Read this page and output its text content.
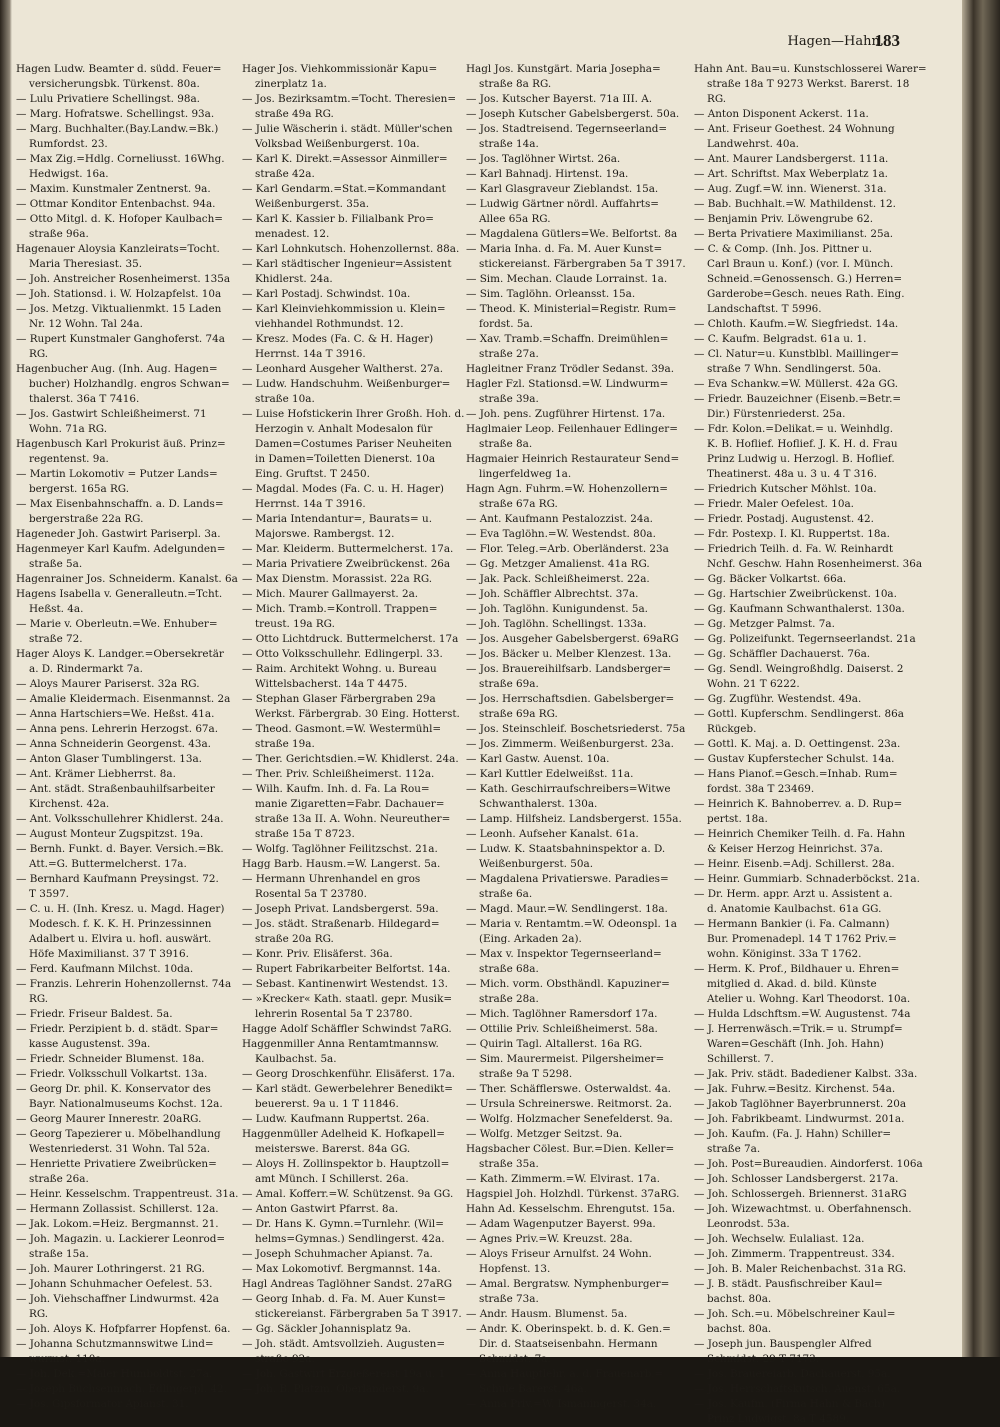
Hagen—Hahn.
183
Hagen Ludw. Beamter d. südd. Feuer=
versicherungsbk. Türkenst. 80a.
— Lulu Privatiere Schellingst. 98a.
— Marg. Hofratswe. Schellingst. 93a.
— Marg. Buchhalter.(Bay.Landw.=Bk.)
Rumfordst. 23.
— Max Zig.=Hdlg. Corneliusst. 16Whg.
Hedwigst. 16a.
— Maxim. Kunstmaler Zentnerst. 9a.
— Ottmar Konditor Entenbachst. 94a.
— Otto Mitgl. d. K. Hofoper Kaulbach=
straße 96a.
Hagenauer Aloysia Kanzleirats=Tocht.
Maria Theresiast. 35.
— Joh. Anstreicher Rosenheimerst. 135a
— Joh. Stationsd. i. W. Holzapfelst. 10a
— Jos. Metzg. Viktualienmkt. 15 Laden
Nr. 12 Wohn. Tal 24a.
— Rupert Kunstmaler Ganghoferst. 74a
RG.
Hagenbucher Aug. (Inh. Aug. Hagen=
bucher) Holzhandlg. engros Schwan=
thalerst. 36a T 7416.
— Jos. Gastwirt Schleißheimerst. 71
Wohn. 71a RG.
Hagenbusch Karl Prokurist äuß. Prinz=
regentenst. 9a.
— Martin Lokomotiv = Putzer Lands=
bergerst. 165a RG.
— Max Eisenbahnschaffn. a. D. Lands=
bergerstraße 22a RG.
Hageneder Joh. Gastwirt Pariserpl. 3a.
Hagenmeyer Karl Kaufm. Adelgunden=
straße 5a.
Hagenrainer Jos. Schneiderm. Kanalst. 6a
Hagens Isabella v. Generalleutn.=Tcht.
Heßst. 4a.
— Marie v. Oberleutn.=We. Enhuber=
straße 72.
Hager Aloys K. Landger.=Obersekretär
a. D. Rindermarkt 7a.
— Aloys Maurer Pariserst. 32a RG.
— Amalie Kleidermach. Eisenmannst. 2a
— Anna Hartschiers=We. Heßst. 41a.
— Anna pens. Lehrerin Herzogst. 67a.
— Anna Schneiderin Georgenst. 43a.
— Anton Glaser Tumblingerst. 13a.
— Ant. Krämer Liebherrst. 8a.
— Ant. städt. Straßenbauhilfsarbeiter
Kirchenst. 42a.
— Ant. Volksschullehrer Khidlerst. 24a.
— August Monteur Zugspitzst. 19a.
— Bernh. Funkt. d. Bayer. Versich.=Bk.
Att.=G. Buttermelcherst. 17a.
— Bernhard Kaufmann Preysingst. 72.
T 3597.
— C. u. H. (Inh. Kresz. u. Magd. Hager)
Modesch. f. K. K. H. Prinzessinnen
Adalbert u. Elvira u. hofl. auswärt.
Höfe Maximilianst. 37 T 3916.
— Ferd. Kaufmann Milchst. 10da.
— Franzis. Lehrerin Hohenzollernst. 74a
RG.
— Friedr. Friseur Baldest. 5a.
— Friedr. Perzipient b. d. städt. Spar=
kasse Augustenst. 39a.
— Friedr. Schneider Blumenst. 18a.
— Friedr. Volksschull Volkartst. 13a.
— Georg Dr. phil. K. Konservator des
Bayr. Nationalmuseums Kochst. 12a.
— Georg Maurer Innerestr. 20aRG.
— Georg Tapezierer u. Möbelhandlung
Westenriederst. 31 Wohn. Tal 52a.
— Henriette Privatiere Zweibrücken=
straße 26a.
— Heinr. Kesselschm. Trappentreust. 31a.
— Hermann Zollassist. Schillerst. 12a.
— Jak. Lokom.=Heiz. Bergmannst. 21.
— Joh. Magazin. u. Lackierer Leonrod=
straße 15a.
— Joh. Maurer Lothringerst. 21 RG.
— Johann Schuhmacher Oefelest. 53.
— Joh. Viehschaffner Lindwurmst. 42a
RG.
— Joh. Aloys K. Hofpfarrer Hopfenst. 6a.
— Johanna Schutzmannswitwe Lind=
wurmst. 110a.
— Joh. Dek.=Maler Humboldtst. 27a.
— Joseph Büchsenmach. Edlingerpl. 42.
— Jos. Gipsformator Apianst. 31.
Hager Jos. Viehkommissionär Kapu=
zinerplatz 1a.
— Jos. Bezirksamtm.=Tocht. Theresien=
straße 49a RG.
— Julie Wäscherin i. städt. Müller'schen
Volksbad Weißenburgerst. 10a.
— Karl K. Direkt.=Assessor Ainmiller=
straße 42a.
— Karl Gendarm.=Stat.=Kommandant
Weißenburgerst. 35a.
— Karl K. Kassier b. Filialbank Pro=
menadest. 12.
— Karl Lohnkutsch. Hohenzollernst. 88a.
— Karl städtischer Ingenieur=Assistent
Khidlerst. 24a.
— Karl Postadj. Schwindst. 10a.
— Karl Kleinviehkommission u. Klein=
viehhandel Rothmundst. 12.
— Kresz. Modes (Fa. C. & H. Hager)
Herrnst. 14a T 3916.
— Leonhard Ausgeher Waltherst. 27a.
— Ludw. Handschuhm. Weißenburger=
straße 10a.
— Luise Hofstickerin Ihrer Großh. Hoh. d.
Herzogin v. Anhalt Modesalon für
Damen=Costumes Pariser Neuheiten
in Damen=Toiletten Dienerst. 10a
Eing. Gruftst. T 2450.
— Magdal. Modes (Fa. C. u. H. Hager)
Herrnst. 14a T 3916.
— Maria Intendantur=, Baurats= u.
Majorswe. Rambergst. 12.
— Mar. Kleiderm. Buttermelcherst. 17a.
— Maria Privatiere Zweibrückenst. 26a
— Max Dienstm. Morassist. 22a RG.
— Mich. Maurer Gallmayerst. 2a.
— Mich. Tramb.=Kontroll. Trappen=
treust. 19a RG.
— Otto Lichtdruck. Buttermelcherst. 17a
— Otto Volksschullehr. Edlingerpl. 33.
— Raim. Architekt Wohng. u. Bureau
Wittelsbacherst. 14a T 4475.
— Stephan Glaser Färbergraben 29a
Werkst. Färbergrab. 30 Eing. Hotterst.
— Theod. Gasmont.=W. Westermühl=
straße 19a.
— Ther. Gerichtsdien.=W. Khidlerst. 24a.
— Ther. Priv. Schleißheimerst. 112a.
— Wilh. Kaufm. Inh. d. Fa. La Rou=
manie Zigaretten=Fabr. Dachauer=
straße 13a II. A. Wohn. Neureuther=
straße 15a T 8723.
— Wolfg. Taglöhner Feilitzschst. 21a.
Hagg Barb. Hausm.=W. Langerst. 5a.
— Hermann Uhrenhandel en gros
Rosental 5a T 23780.
— Joseph Privat. Landsbergerst. 59a.
— Jos. städt. Straßenarb. Hildegard=
straße 20a RG.
— Konr. Priv. Elisäferst. 36a.
— Rupert Fabrikarbeiter Belfortst. 14a.
— Sebast. Kantinenwirt Westendst. 13.
— »Krecker« Kath. staatl. gepr. Musik=
lehrerin Rosental 5a T 23780.
Hagge Adolf Schäffler Schwindst 7aRG.
Haggenmiller Anna Rentamtmannsw.
Kaulbachst. 5a.
— Georg Droschkenführ. Elisäferst. 17a.
— Karl städt. Gewerbelehrer Benedikt=
beuererst. 9a u. 1 T 11846.
— Ludw. Kaufmann Ruppertst. 26a.
Haggenmüller Adelheid K. Hofkapell=
meisterswe. Barerst. 84a GG.
— Aloys H. Zollinspektor b. Hauptzoll=
amt Münch. I Schillerst. 26a.
— Amal. Kofferr.=W. Schützenst. 9a GG.
— Anton Gastwirt Pfarrst. 8a.
— Dr. Hans K. Gymn.=Turnlehr. (Wil=
helms=Gymnas.) Sendlingerst. 42a.
— Joseph Schuhmacher Apianst. 7a.
— Max Lokomotivf. Bergmannst. 14a.
Hagl Andreas Taglöhner Sandst. 27aRG
— Georg Inhab. d. Fa. M. Auer Kunst=
stickereianst. Färbergraben 5a T 3917.
— Gg. Säckler Johannisplatz 9a.
— Joh. städt. Amtsvollzieh. Augusten=
straße 92a.
— Joh. Gastwirt Erzgießereist 19a u. 1
— Joh. B. Platzm. Oberländerst. 9a.
Hagl Jos. Kunstgärt. Maria Josepha=
straße 8a RG.
— Jos. Kutscher Bayerst. 71a III. A.
— Joseph Kutscher Gabelsbergerst. 50a.
— Jos. Stadtreisend. Tegernseerland=
straße 14a.
— Jos. Taglöhner Wirtst. 26a.
— Karl Bahnadj. Hirtenst. 19a.
— Karl Glasgraveur Zieblandst. 15a.
— Ludwig Gärtner nördl. Auffahrts=
Allee 65a RG.
— Magdalena Gütlers=We. Belfortst. 8a
— Maria Inha. d. Fa. M. Auer Kunst=
stickereianst. Färbergraben 5a T 3917.
— Sim. Mechan. Claude Lorrainst. 1a.
— Sim. Taglöhn. Orleansst. 15a.
— Theod. K. Ministerial=Registr. Rum=
fordst. 5a.
— Xav. Tramb.=Schaffn. Dreimühlen=
straße 27a.
Hagleitner Franz Trödler Sedanst. 39a.
Hagler Fzl. Stationsd.=W. Lindwurm=
straße 39a.
— Joh. pens. Zugführer Hirtenst. 17a.
Haglmaier Leop. Feilenhauer Edlinger=
straße 8a.
Hagmaier Heinrich Restaurateur Send=
lingerfeldweg 1a.
Hagn Agn. Fuhrm.=W. Hohenzollern=
straße 67a RG.
— Ant. Kaufmann Pestalozzist. 24a.
— Eva Taglöhn.=W. Westendst. 80a.
— Flor. Teleg.=Arb. Oberländerst. 23a
— Gg. Metzger Amalienst. 41a RG.
— Jak. Pack. Schleißheimerst. 22a.
— Joh. Schäffler Albrechtst. 37a.
— Joh. Taglöhn. Kunigundenst. 5a.
— Joh. Taglöhn. Schellingst. 133a.
— Jos. Ausgeher Gabelsbergerst. 69aRG
— Jos. Bäcker u. Melber Klenzest. 13a.
— Jos. Brauereihilfsarb. Landsberger=
straße 69a.
— Jos. Herrschaftsdien. Gabelsberger=
straße 69a RG.
— Jos. Steinschleif. Boschetsriederst. 75a
— Jos. Zimmerm. Weißenburgerst. 23a.
— Karl Gastw. Auenst. 10a.
— Karl Kuttler Edelweißst. 11a.
— Kath. Geschirraufschreibers=Witwe
Schwanthalerst. 130a.
— Lamp. Hilfsheiz. Landsbergerst. 155a.
— Leonh. Aufseher Kanalst. 61a.
— Ludw. K. Staatsbahninspektor a. D.
Weißenburgerst. 50a.
— Magdalena Privatierswe. Paradies=
straße 6a.
— Magd. Maur.=W. Sendlingerst. 18a.
— Maria v. Rentamtm.=W. Odeonspl. 1a
(Eing. Arkaden 2a).
— Max v. Inspektor Tegernseerland=
straße 68a.
— Mich. vorm. Obsthändl. Kapuziner=
straße 28a.
— Mich. Taglöhner Ramersdorf 17a.
— Ottilie Priv. Schleißheimerst. 58a.
— Quirin Tagl. Altallerst. 16a RG.
— Sim. Maurermeist. Pilgersheimer=
straße 9a T 5298.
— Ther. Schäfflerswe. Osterwaldst. 4a.
— Ursula Schreinerswe. Reitmorst. 2a.
— Wolfg. Holzmacher Senefelderst. 9a.
— Wolfg. Metzger Seitzst. 9a.
Hagsbacher Cölest. Bur.=Dien. Keller=
straße 35a.
— Kath. Zimmerm.=W. Elvirast. 17a.
Hagspiel Joh. Holzhdl. Türkenst. 37aRG.
Hahn Ad. Kesselschm. Ehrengutst. 15a.
— Adam Wagenputzer Bayerst. 99a.
— Agnes Priv.=W. Kreuzst. 28a.
— Aloys Friseur Arnulfst. 24 Wohn.
Hopfenst. 13.
— Amal. Bergratsw. Nymphenburger=
straße 73a.
— Andr. Hausm. Blumenst. 5a.
— Andr. K. Oberinspekt. b. d. K. Gen.=
Dir. d. Staatseisenbahn. Hermann
Schmidst. 7a.
— Anna Hauptlehr. a. d. Frauenarb.=
Schule Barerst. 46a.
— Anna Priv.=W. Ismaningerst. 34a.
Hahn Ant. Bau=u. Kunstschlosserei Warer=
straße 18a T 9273 Werkst. Barerst. 18
RG.
— Anton Disponent Ackerst. 11a.
— Ant. Friseur Goethest. 24 Wohnung
Landwehrst. 40a.
— Ant. Maurer Landsbergerst. 111a.
— Art. Schriftst. Max Weberplatz 1a.
— Aug. Zugf.=W. inn. Wienerst. 31a.
— Bab. Buchhalt.=W. Mathildenst. 12.
— Benjamin Priv. Löwengrube 62.
— Berta Privatiere Maximilianst. 25a.
— C. & Comp. (Inh. Jos. Pittner u.
Carl Braun u. Konf.) (vor. I. Münch.
Schneid.=Genossensch. G.) Herren=
Garderobe=Gesch. neues Rath. Eing.
Landschaftst. T 5996.
— Chloth. Kaufm.=W. Siegfriedst. 14a.
— C. Kaufm. Belgradst. 61a u. 1.
— Cl. Natur=u. Kunstblbl. Maillinger=
straße 7 Whn. Sendlingerst. 50a.
— Eva Schankw.=W. Müllerst. 42a GG.
— Friedr. Bauzeichner (Eisenb.=Betr.=
Dir.) Fürstenriederst. 25a.
— Fdr. Kolon.=Delikat.= u. Weinhdlg.
K. B. Hoflief. Hoflief. J. K. H. d. Frau
Prinz Ludwig u. Herzogl. B. Hoflief.
Theatinerst. 48a u. 3 u. 4 T 316.
— Friedrich Kutscher Möhlst. 10a.
— Friedr. Maler Oefelest. 10a.
— Friedr. Postadj. Augustenst. 42.
— Fdr. Postexp. I. Kl. Ruppertst. 18a.
— Friedrich Teilh. d. Fa. W. Reinhardt
Nchf. Geschw. Hahn Rosenheimerst. 36a
— Gg. Bäcker Volkartst. 66a.
— Gg. Hartschier Zweibrückenst. 10a.
— Gg. Kaufmann Schwanthalerst. 130a.
— Gg. Metzger Palmst. 7a.
— Gg. Polizeifunkt. Tegernseerlandst. 21a
— Gg. Schäffler Dachauerst. 76a.
— Gg. Sendl. Weingroßhdlg. Daiserst. 2
Wohn. 21 T 6222.
— Gg. Zugführ. Westendst. 49a.
— Gottl. Kupferschm. Sendlingerst. 86a
Rückgeb.
— Gottl. K. Maj. a. D. Oettingenst. 23a.
— Gustav Kupferstecher Schulst. 14a.
— Hans Pianof.=Gesch.=Inhab. Rum=
fordst. 38a T 23469.
— Heinrich K. Bahnoberrev. a. D. Rup=
pertst. 18a.
— Heinrich Chemiker Teilh. d. Fa. Hahn
& Keiser Herzog Heinrichst. 37a.
— Heinr. Eisenb.=Adj. Schillerst. 28a.
— Heinr. Gummiarb. Schnaderböckst. 21a.
— Dr. Herm. appr. Arzt u. Assistent a.
d. Anatomie Kaulbachst. 61a GG.
— Hermann Bankier (i. Fa. Calmann)
Bur. Promenadepl. 14 T 1762 Priv.=
wohn. Königinst. 33a T 1762.
— Herm. K. Prof., Bildhauer u. Ehren=
mitglied d. Akad. d. bild. Künste
Atelier u. Wohng. Karl Theodorst. 10a.
— Hulda Ldschftsm.=W. Augustenst. 74a
— J. Herrenwäsch.=Trik.= u. Strumpf=
Waren=Geschäft (Inh. Joh. Hahn)
Schillerst. 7.
— Jak. Priv. städt. Badediener Kalbst. 33a.
— Jak. Fuhrw.=Besitz. Kirchenst. 54a.
— Jakob Taglöhner Bayerbrunnerst. 20a
— Joh. Fabrikbeamt. Lindwurmst. 201a.
— Joh. Kaufm. (Fa. J. Hahn) Schiller=
straße 7a.
— Joh. Post=Bureaudien. Aindorferst. 106a
— Joh. Schlosser Landsbergerst. 217a.
— Joh. Schlossergeh. Briennerst. 31aRG
— Joh. Wizewachtmst. u. Oberfahnensch.
Leonrodst. 53a.
— Joh. Wechselw. Eulaliast. 12a.
— Joh. Zimmerm. Trappentreust. 334.
— Joh. B. Maler Reichenbachst. 31a RG.
— J. B. städt. Pausfischreiber Kaul=
bachst. 80a.
— Joh. Sch.=u. Möbelschreiner Kaul=
bachst. 80a.
— Joseph jun. Bauspengler Alfred
Schmidst. 29 T 7173.
— Jos. Brauereiarb. Dachauerst. 95a.
— Jos. Herrschaftskutsch. Auenst. 65a.
— Jos. Kaufm. (Firma Hahn & Bach)
Prinz Ludwigst. 8a T 4589.
